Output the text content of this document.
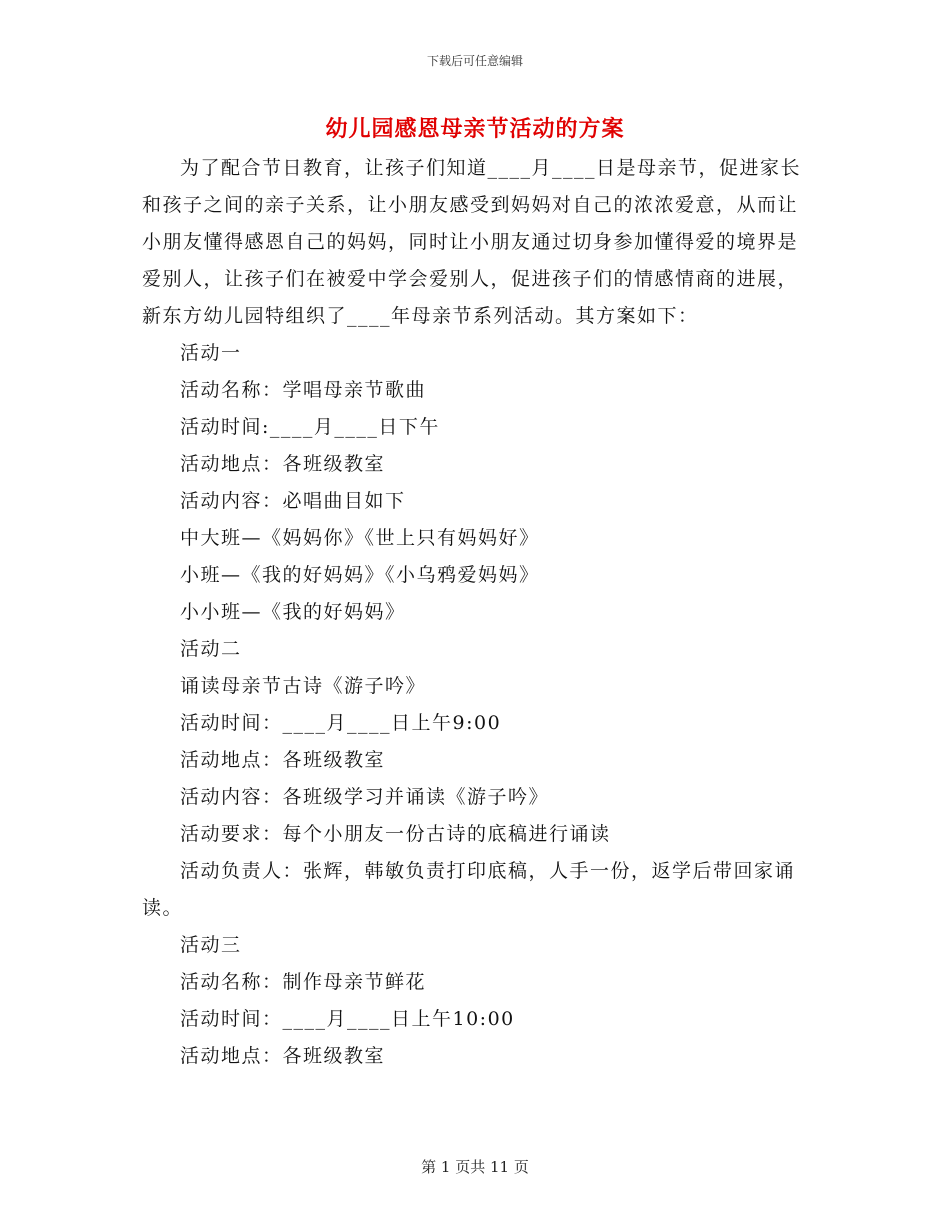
下载后可任意编辑
幼儿园感恩母亲节活动的方案

为了配合节日教育，让孩子们知道____月____日是母亲节，促进家长和孩子之间的亲子关系，让小朋友感受到妈妈对自己的浓浓爱意，从而让小朋友懂得感恩自己的妈妈，同时让小朋友通过切身参加懂得爱的境界是爱别人，让孩子们在被爱中学会爱别人，促进孩子们的情感情商的进展，新东方幼儿园特组织了____年母亲节系列活动。其方案如下：

活动一

活动名称：学唱母亲节歌曲

活动时间:____月____日下午

活动地点：各班级教室

活动内容：必唱曲目如下

中大班—《妈妈你》《世上只有妈妈好》

小班—《我的好妈妈》《小乌鸦爱妈妈》

小小班—《我的好妈妈》

活动二

诵读母亲节古诗《游子吟》

活动时间：____月____日上午9:00

活动地点：各班级教室

活动内容：各班级学习并诵读《游子吟》

活动要求：每个小朋友一份古诗的底稿进行诵读

活动负责人：张辉，韩敏负责打印底稿，人手一份，返学后带回家诵读。

活动三

活动名称：制作母亲节鲜花

活动时间：____月____日上午10:00

活动地点：各班级教室

第 1 页共 11 页
